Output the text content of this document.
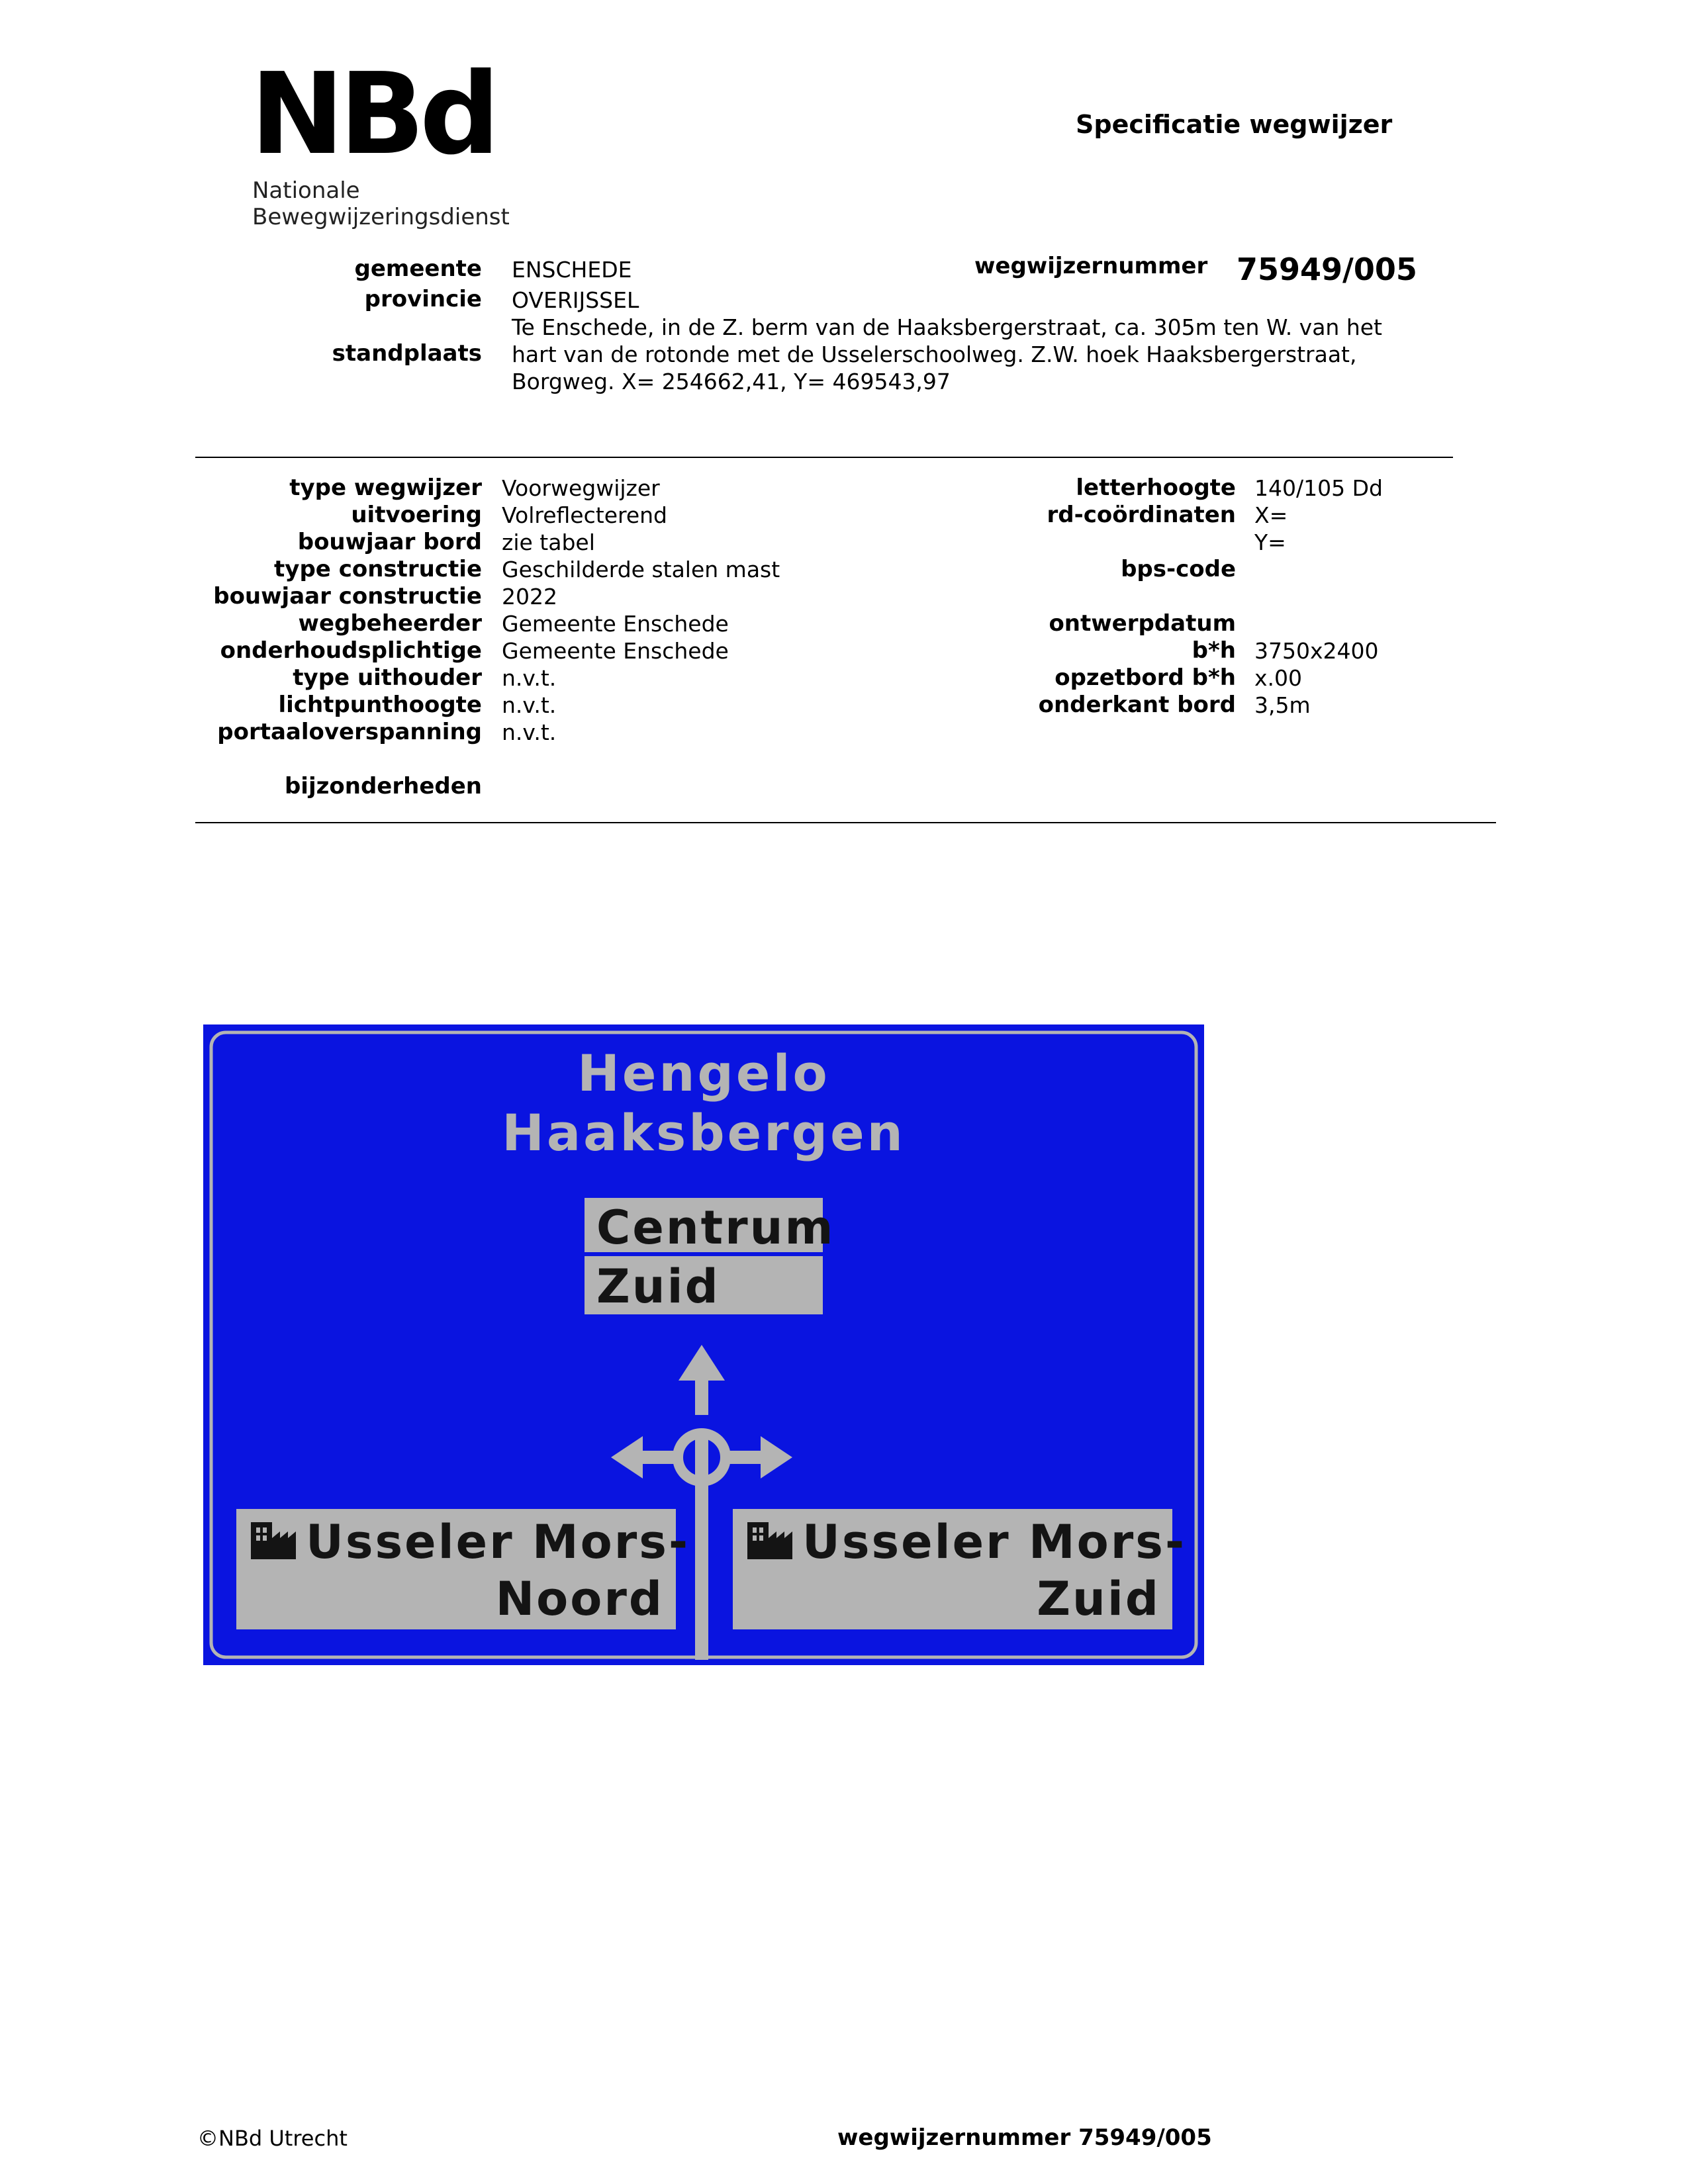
NBd
Nationale
Bewegwijzeringsdienst
Specificatie wegwijzer
gemeente ENSCHEDE
provincie OVERIJSSEL
standplaats
Te Enschede, in de Z. berm van de Haaksbergerstraat, ca. 305m ten W. van het
hart van de rotonde met de Usselerschoolweg. Z.W. hoek Haaksbergerstraat,
Borgweg. X= 254662,41, Y= 469543,97
wegwijzernummer 75949/005
type wegwijzer Voorwegwijzer
uitvoering Volreflecterend
bouwjaar bord zie tabel
type constructie Geschilderde stalen mast
bouwjaar constructie 2022
wegbeheerder Gemeente Enschede
onderhoudsplichtige Gemeente Enschede
type uithouder n.v.t.
lichtpunthoogte n.v.t.
portaaloverspanning n.v.t.
bijzonderheden
letterhoogte 140/105 Dd
rd-coördinaten X=
Y=
bps-code
ontwerpdatum
b*h 3750x2400
opzetbord b*h x.00
onderkant bord 3,5m
Hengelo
Haaksbergen
Centrum
Zuid
Usseler Mors-
Noord
Usseler Mors-
Zuid
©NBd Utrecht	wegwijzernummer 75949/005
